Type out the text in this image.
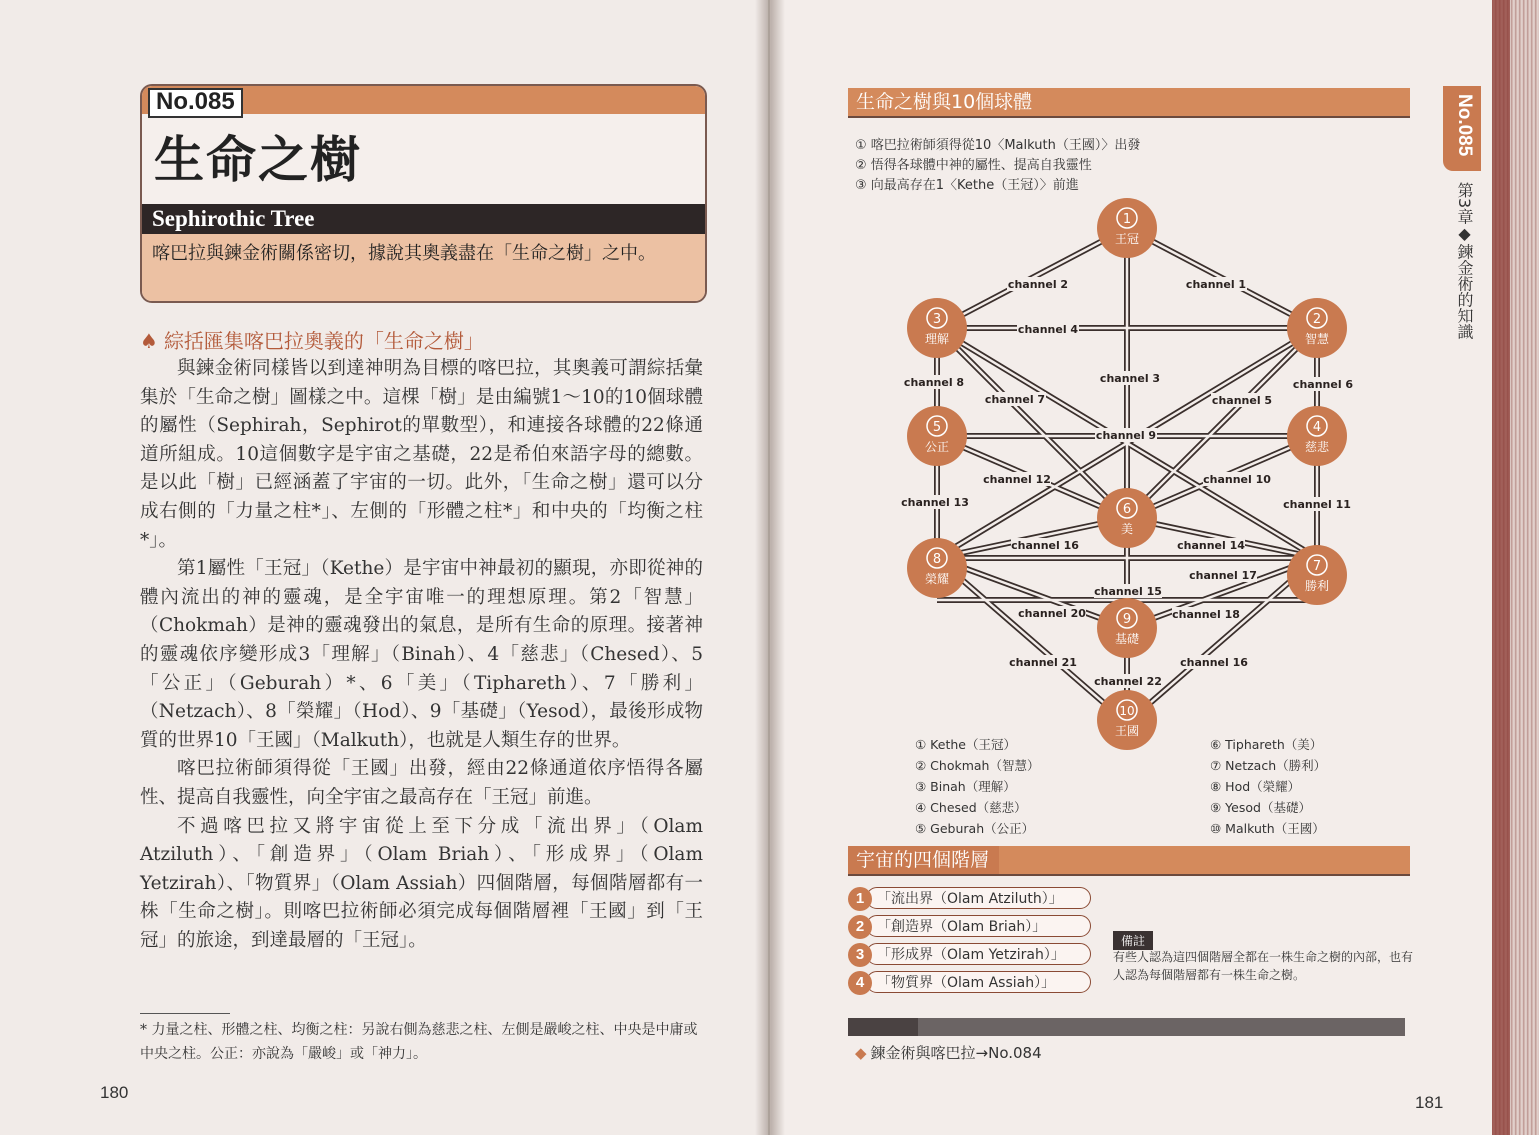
No.085
生命之樹
Sephirothic Tree
喀巴拉與鍊金術關係密切，據說其奧義盡在「生命之樹」之中。
♠ 綜括匯集喀巴拉奧義的「生命之樹」

與鍊金術同樣皆以到達神明為目標的喀巴拉，其奧義可謂綜括彙集於「生命之樹」圖樣之中。這棵「樹」是由編號1～10的10個球體的屬性（Sephirah，Sephirot的單數型），和連接各球體的22條通道所組成。10這個數字是宇宙之基礎，22是希伯來語字母的總數。是以此「樹」已經涵蓋了宇宙的一切。此外，「生命之樹」還可以分成右側的「力量之柱*」、左側的「形體之柱*」和中央的「均衡之柱*」。

第1屬性「王冠」（Kethe）是宇宙中神最初的顯現，亦即從神的體內流出的神的靈魂，是全宇宙唯一的理想原理。第2「智慧」（Chokmah）是神的靈魂發出的氣息，是所有生命的原理。接著神的靈魂依序變形成3「理解」（Binah）、4「慈悲」（Chesed）、5「公正」（Geburah）*、6「美」（Tiphareth）、7「勝利」（Netzach）、8「榮耀」（Hod）、9「基礎」（Yesod），最後形成物質的世界10「王國」（Malkuth），也就是人類生存的世界。

喀巴拉術師須得從「王國」出發，經由22條通道依序悟得各屬性、提高自我靈性，向全宇宙之最高存在「王冠」前進。

不過喀巴拉又將宇宙從上至下分成「流出界」（Olam Atziluth）、「創造界」（Olam Briah）、「形成界」（Olam Yetzirah）、「物質界」（Olam Assiah）四個階層，每個階層都有一株「生命之樹」。則喀巴拉術師必須完成每個階層裡「王國」到「王冠」的旅途，到達最層的「王冠」。

* 力量之柱、形體之柱、均衡之柱：另說右側為慈悲之柱、左側是嚴峻之柱、中央是中庸或中央之柱。公正：亦說為「嚴峻」或「神力」。
180
生命之樹與10個球體
① 喀巴拉術師須得從10〈Malkuth（王國）〉出發
② 悟得各球體中神的屬性、提高自我靈性
③ 向最高存在1〈Kethe（王冠）〉前進
channel 1
channel 2
channel 3
channel 4
channel 5
channel 6
channel 7
channel 8
channel 9
channel 10
channel 11
channel 12
channel 13
channel 14
channel 15
channel 16
channel 16
channel 17
channel 18
channel 20
channel 21
channel 22
1
王冠
2
智慧
3
理解
4
慈悲
5
公正
6
美
7
勝利
8
榮耀
9
基礎
10
王國
① Kethe（王冠）
② Chokmah（智慧）
③ Binah（理解）
④ Chesed（慈悲）
⑤ Geburah（公正）
⑥ Tiphareth（美）
⑦ Netzach（勝利）
⑧ Hod（榮耀）
⑨ Yesod（基礎）
⑩ Malkuth（王國）
宇宙的四個階層
「流出界（Olam Atziluth）」
1
「創造界（Olam Briah）」
2
「形成界（Olam Yetzirah）」
3
「物質界（Olam Assiah）」
4
備註
有些人認為這四個階層全都在一株生命之樹的內部，也有人認為每個階層都有一株生命之樹。
◆ 鍊金術與喀巴拉→No.084
No.085
第3章◆鍊金術的知識
181
